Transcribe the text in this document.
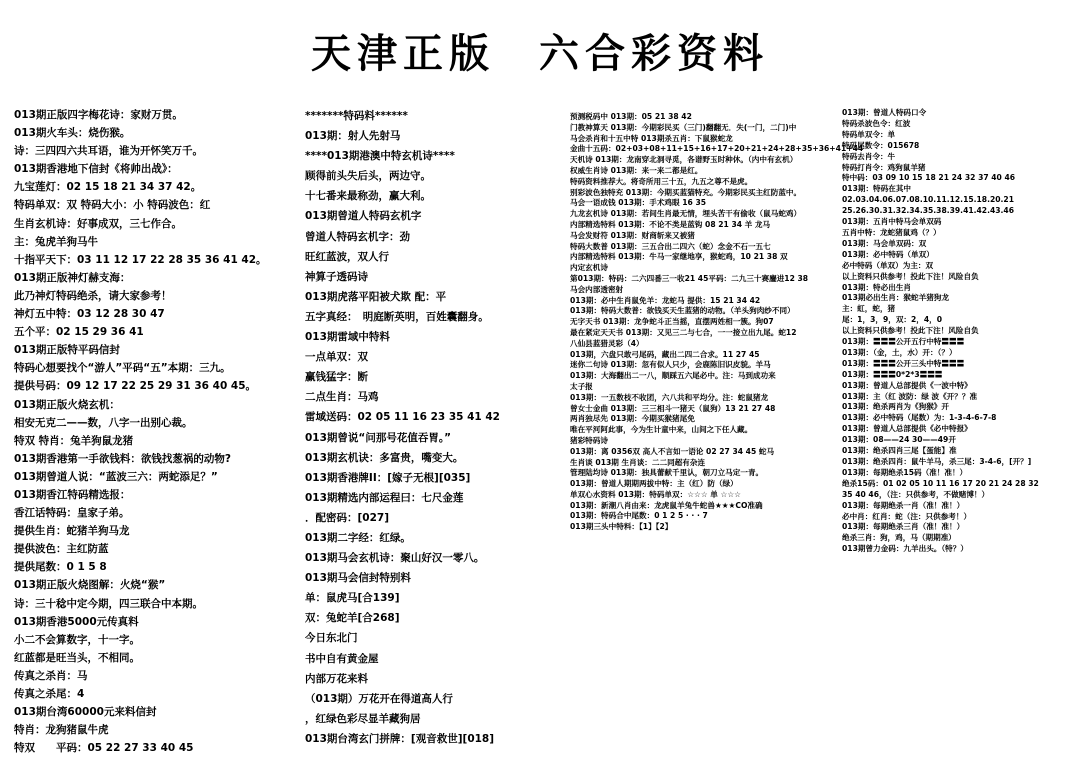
天津正版 六合彩资料
013期正版四字梅花诗：家财万贯。
013期火车头：烧伤猴。
诗：三四四六共耳语，谁为开怀笑万千。
013期香港地下信封《将帅出战》：
九宝莲灯：02 15 18 21 34 37 42。
特码单双：双 特码大小：小 特码波色：红
生肖玄机诗：好事成双，三七作合。
主：兔虎羊狗马牛
十指平天下：03 11 12 17 22 28 35 36 41 42。
013期正版神灯赫支海：
此乃神灯特码绝杀，请大家参考！
神灯五中特：03 12 28 30 47
五个平：02 15 29 36 41
013期正版特平码信封
特码心想要找个“游人”平码“五”本期：三九。
提供号码：09 12 17 22 25 29 31 36 40 45。
013期正版火烧玄机：
相安无克二——数，八字一出别心裁。
特双 特肖：兔羊狗鼠龙猪
013期香港第一手欲钱料：欲钱找葱祸的动物?
013期曾道人说：“蓝波三六：两蛇添足？”
013期香江特码精选报：
香江话特码：皇家子弟。
提供生肖：蛇猪羊狗马龙
提供波色：主红防蓝
提供尾数：0 1 5 8
013期正版火烧图解：火烧“猴”
诗：三十稔中定今期，四三联合中本期。
013期香港5000元传真料
小二不会算数字，十一字。
红蓝都是旺当头，不相同。
传真之杀肖：马
传真之杀尾：4
013期台湾60000元来料信封
特肖：龙狗猪鼠牛虎
特双　　平码：05 22 27 33 40 45
*******特码料******
013期：射人先射马
****013期港澳中特玄机诗****
顾得前头失后头，两边守。
十七番来最称劲，赢大利。
013期曾道人特码玄机字
曾道人特码玄机字：劲
旺红蓝波，双人行
神算子透码诗
013期虎落平阳被犬欺 配：平
五字真经：　明庭断英明，百姓囊翻身。
013期雷域中特料
一点单双：双
赢钱猛字：断
二点生肖：马鸡
雷域送码：02 05 11 16 23 35 41 42
013期曾说“问那号花值吞胃。”
013期玄机诀：多富贵，嘴变大。
013期香港牌II：[嫁子无根][035]
013期精选内部运程曰：七尺金莲
．配密码：[027]
013期二字经：红绿。
013期马会玄机诗：聚山好汉一零八。
013期马会信封特别料
单：鼠虎马[合139]
双：兔蛇羊[合268]
今日东北门
书中自有黄金屋
内部万花来料
（013期）万花开在得道高人行
，红绿色彩尽显羊藏狗居
013期台湾玄门拼牌：[观音救世][018]
预测税码中 013期：05 21 38 42
门教神算天 013期：今期彩民买（三门)翻翻无．失(一门，二门)中
马会杀肖和十五中特 013期杀五肖：下鼠猴蛇龙
金曲十五码：02+03+08+11+15+16+17+20+21+24+28+35+36+41+44
天机诗 013期：龙南穿北洞寻觅，各谱野玉时种休。（内中有玄机）
权威生肖诗 013期：来一来二都是红。
特码资料推荐大。将奇所用三十五，九五之尊不是虎。
别彩波色独特充 013期：今期买蓝猫特充。今期彩民买主红防蓝中。
马会一语成钱 013期：手术鸡眼 16 35
九龙玄机诗 013期：若间生肖最无情，埋头苦干有偷收（鼠马蛇鸡）
内部精选特料 013期：不论不类是蓝钩 08 21 34 羊 龙马
马会发财符 013期：财商斩来又被猪
特码大数普 013期：三五合出二四六（蛇）念金不石一五七
内部精选特料 013期：牛马一家继地享，猴蛇鸡，10 21 38 双
内定玄机诗
第013期：特码：二六四番三一收21 45平码：二九三十赛鏖进12 38
马会内部透密射
013期：必中生肖鼠免羊：龙蛇马 提供：15 21 34 42
013期：特码大数普：欲钱买天生蓝猪的动物。（羊头狗肉纱不同）
无字天书 013期：龙争蛇斗正当摇，直摆两姓相一簇。狗07
最在紧定天天书 013期：又见三二与七合，一一接立出九尾。蛇12
八仙县蓝猎灵彩（4）
013期，六盘只敢弓尾码，藏出二四二合求。11 27 45
迷你二句诗 013期：忽有似人只少，会鹿陈旧识皮貌。羊马
013期：大海翻出二一八，顺踩五六尾必中。注：马到成功来
太子报
013期：一五数枝不收团，六八共和平均分。注：蛇鼠猪龙
曾女士金曲 013期：三三相斗一猪天（鼠狗）13 21 27 48
两肖独尽先 013期：今期买猴猪尾免
唯在平河阿此事，今为生计童中来，山间之下任人藏。
猪彩特码诗
013期：离 0356双 高人不言如一语论 02 27 34 45 蛇马
生肖谈 013期 生肖谈：二二同超有杂连
管理陆均诗 013期：独具蕾献千里认，朝刀立马定一青。
013期：曾道人期期两拔中特：主（红）防（绿）
单双心水资料 013期：特码单双：☆☆☆ 单 ☆☆☆
013期：新潮八肖由来：龙虎鼠羊兔牛蛇兽★★★CO准确
013期：特码合中尾数：0 1 2 5 · · · 7
013期三头中特料：【1】【2】
013期：曾道人特码口令
特码杀波色令：红波
特码单双令：单
特码尾数令：015678
特码去肖令：牛
特码打肖令：鸡狗鼠羊猪
特中码：03 09 10 15 18 21 24 32 37 40 46
013期：特码在其中
02.03.04.06.07.08.10.11.12.15.18.20.21
25.26.30.31.32.34.35.38.39.41.42.43.46
013期：五肖中特马会单双码
五肖中特：龙蛇猪鼠鸡（？）
013期：马会单双码：双
013期：必中特码（单双）
必中特码（单双）为主：双
以上资料只供参考！投此下注！风险自负
013期：特必出生肖
013期必出生肖：猴蛇羊猪狗龙
主：虹，蛇，猪
尾：1，3，9，双：2，4，0
以上资料只供参考！投此下注！风险自负
013期：〓〓〓公开五行中特〓〓〓
013期：（金，土，水）开：（？）
013期：〓〓〓公开三头中特〓〓〓
013期：〓〓〓0*2*3〓〓〓
013期：曾道人总部提供《一波中特》
013期：主（红 波防：绿 波《开？？准
013期：绝杀两肖为《狗猴》开
013期：必中特码（尾数）为：1-3-4-6-7-8
013期：曾道人总部提供《必中特报》
013期：08——24 30——49开
013期：绝杀四肖三尾【蛋能】准
013期：绝杀四肖：鼠牛羊马，杀三尾：3-4-6，[开？]
013期：每期绝杀15码（准！准！）
绝杀15码：01 02 05 10 11 16 17 20 21 24 28 32
35 40 46，（注：只供参考，不做赌博！）
013期：每期绝杀一肖（准！准！）
必中肖：红肖：蛇（注：只供参考！）
013期：每期绝杀三肖（准！准！）
绝杀三肖：狗，鸡，马（期期准）
013期曾力金码：九羊出头。（特？）
